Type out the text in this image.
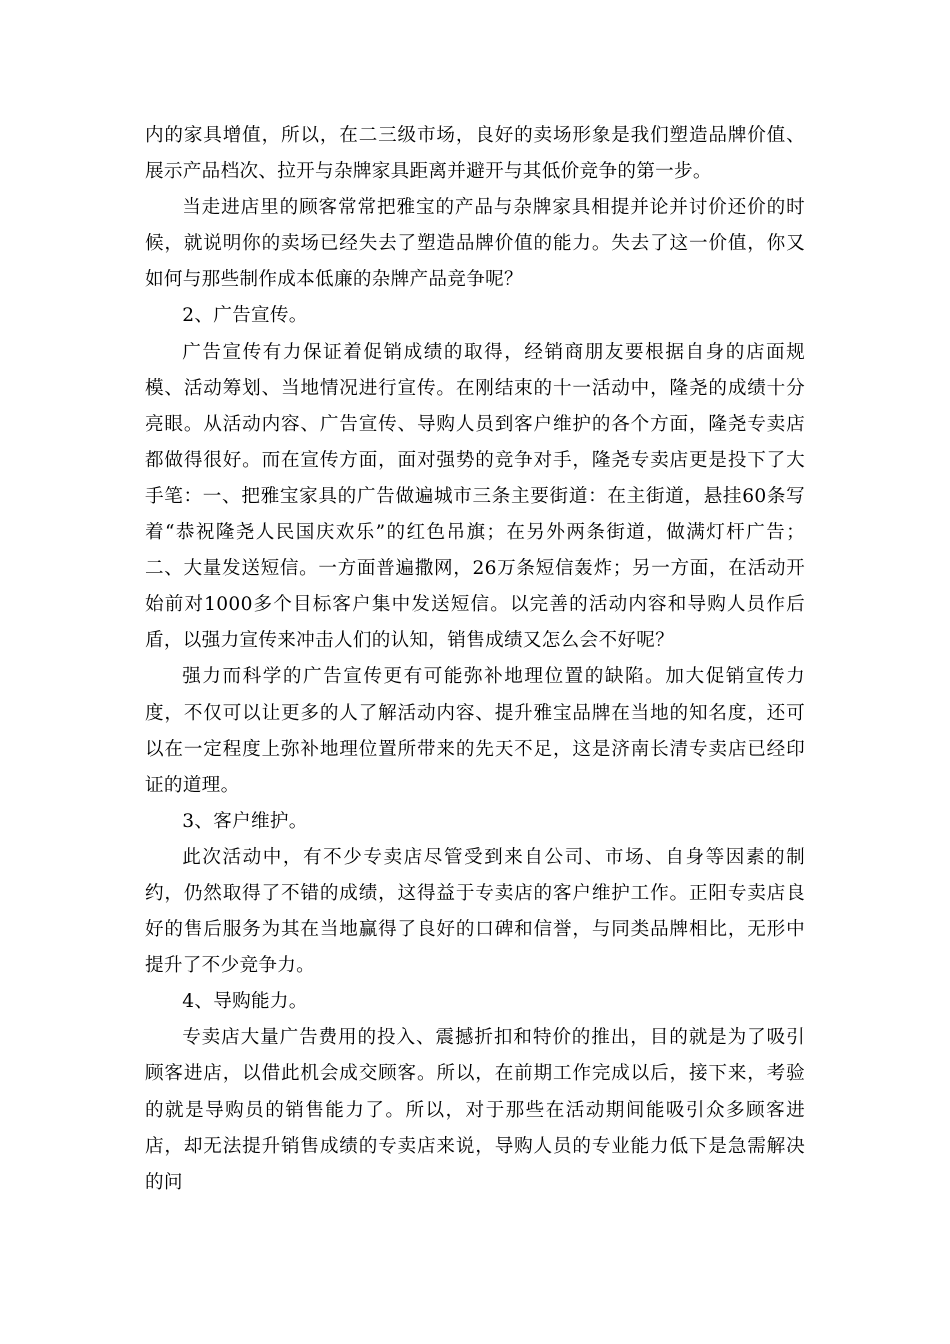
内的家具增值，所以，在二三级市场，良好的卖场形象是我们塑造品牌价值、展示产品档次、拉开与杂牌家具距离并避开与其低价竞争的第一步。

当走进店里的顾客常常把雅宝的产品与杂牌家具相提并论并讨价还价的时候，就说明你的卖场已经失去了塑造品牌价值的能力。失去了这一价值，你又如何与那些制作成本低廉的杂牌产品竞争呢？

2、广告宣传。

广告宣传有力保证着促销成绩的取得，经销商朋友要根据自身的店面规模、活动筹划、当地情况进行宣传。在刚结束的十一活动中，隆尧的成绩十分亮眼。从活动内容、广告宣传、导购人员到客户维护的各个方面，隆尧专卖店都做得很好。而在宣传方面，面对强势的竞争对手，隆尧专卖店更是投下了大手笔：一、把雅宝家具的广告做遍城市三条主要街道：在主街道，悬挂60条写着“恭祝隆尧人民国庆欢乐”的红色吊旗；在另外两条街道，做满灯杆广告；二、大量发送短信。一方面普遍撒网，26万条短信轰炸；另一方面，在活动开始前对1000多个目标客户集中发送短信。以完善的活动内容和导购人员作后盾，以强力宣传来冲击人们的认知，销售成绩又怎么会不好呢？

强力而科学的广告宣传更有可能弥补地理位置的缺陷。加大促销宣传力度，不仅可以让更多的人了解活动内容、提升雅宝品牌在当地的知名度，还可以在一定程度上弥补地理位置所带来的先天不足，这是济南长清专卖店已经印证的道理。

3、客户维护。

此次活动中，有不少专卖店尽管受到来自公司、市场、自身等因素的制约，仍然取得了不错的成绩，这得益于专卖店的客户维护工作。正阳专卖店良好的售后服务为其在当地赢得了良好的口碑和信誉，与同类品牌相比，无形中提升了不少竞争力。

4、导购能力。

专卖店大量广告费用的投入、震撼折扣和特价的推出，目的就是为了吸引顾客进店，以借此机会成交顾客。所以，在前期工作完成以后，接下来，考验的就是导购员的销售能力了。所以，对于那些在活动期间能吸引众多顾客进店，却无法提升销售成绩的专卖店来说，导购人员的专业能力低下是急需解决的问
